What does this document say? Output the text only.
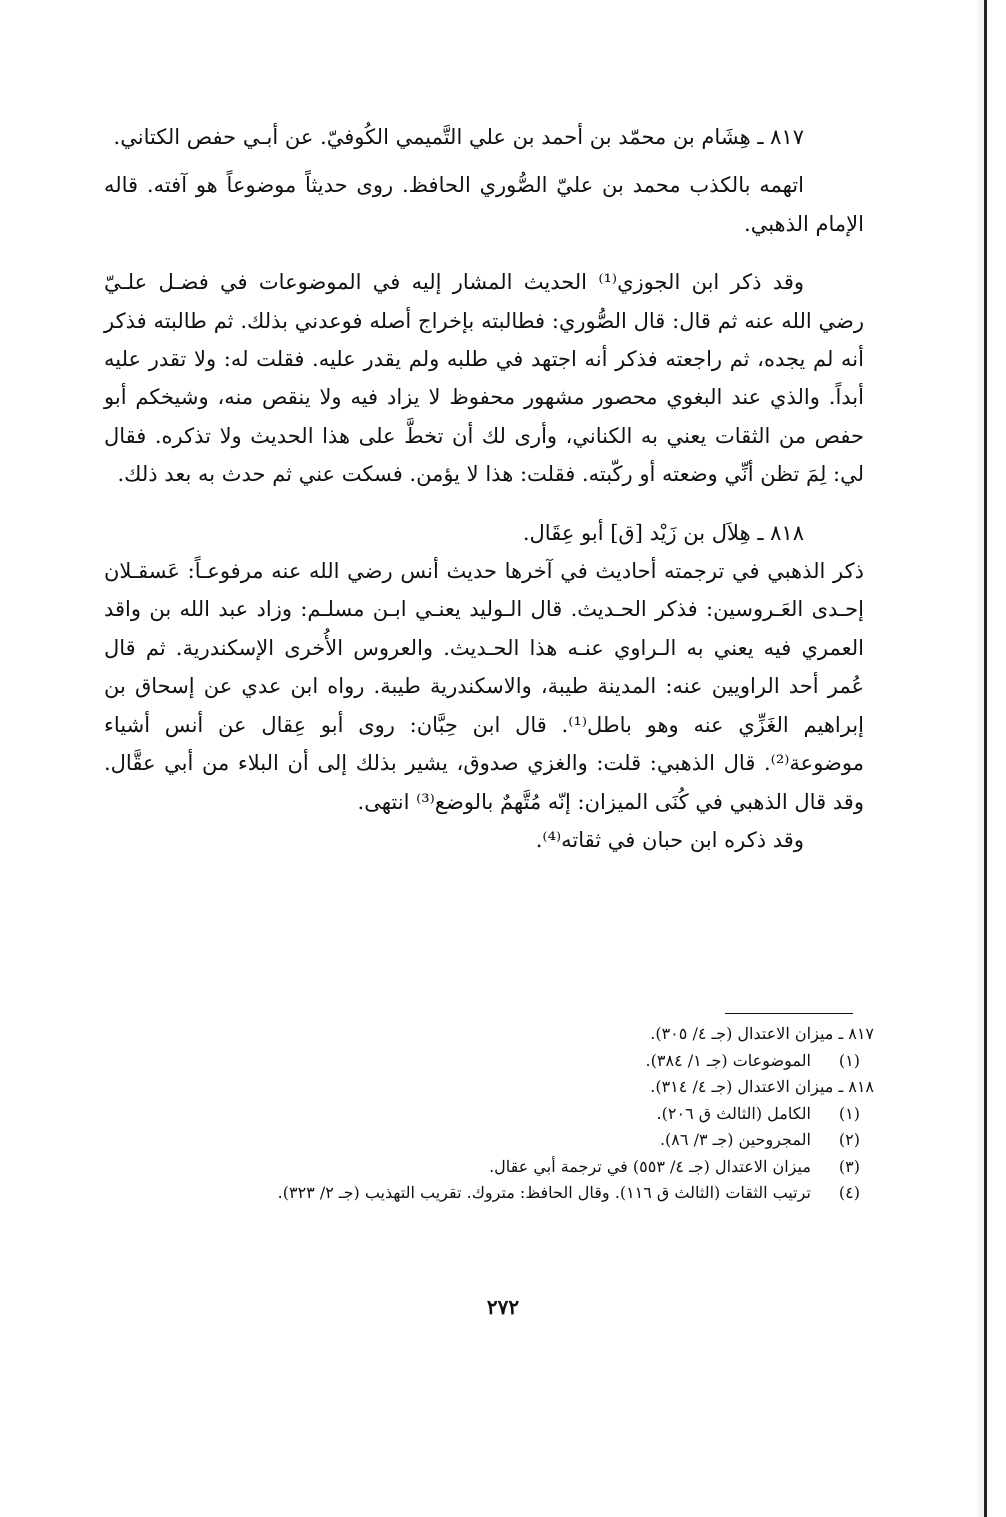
٨١٧ ـ هِشَام بن محمّد بن أحمد بن علي التَّميمي الكُوفيّ. عن أبـي حفص الكتاني.

اتهمه بالكذب محمد بن عليّ الصُّوري الحافظ. روى حديثاً موضوعاً هو آفته. قاله الإمام الذهبي.

وقد ذكر ابن الجوزي⁽¹⁾ الحديث المشار إليه في الموضوعات في فضـل علـيّ رضي الله عنه ثم قال: قال الصُّوري: فطالبته بإخراج أصله فوعدني بذلك. ثم طالبته فذكر أنه لم يجده، ثم راجعته فذكر أنه اجتهد في طلبه ولم يقدر عليه. فقلت له: ولا تقدر عليه أبداً. والذي عند البغوي محصور مشهور محفوظ لا يزاد فيه ولا ينقص منه، وشيخكم أبو حفص من الثقات يعني به الكناني، وأرى لك أن تخطَّ على هذا الحديث ولا تذكره. فقال لي: لِمَ تظن أنِّي وضعته أو ركّبته. فقلت: هذا لا يؤمن. فسكت عني ثم حدث به بعد ذلك.

٨١٨ ـ هِلاَل بن زَيْد [ق] أبو عِقَال.

ذكر الذهبي في ترجمته أحاديث في آخرها حديث أنس رضي الله عنه مرفوعـاً: عَسقـلان إحـدى العَـروسين: فذكر الحـديث. قال الـوليد يعنـي ابـن مسلـم: وزاد عبد الله بن واقد العمري فيه يعني به الـراوي عنـه هذا الحـديث. والعروس الأُخرى الإسكندرية. ثم قال عُمر أحد الراويين عنه: المدينة طيبة، والاسكندرية طيبة. رواه ابن عدي عن إسحاق بن إبراهيم الغَزِّي عنه وهو باطل⁽¹⁾. قال ابن حِبَّان: روى أبو عِقال عن أنس أشياء موضوعة⁽²⁾. قال الذهبي: قلت: والغزي صدوق، يشير بذلك إلى أن البلاء من أبي عقَّال. وقد قال الذهبي في كُنَى الميزان: إنّه مُتَّهمٌ بالوضع⁽³⁾ انتهى.

وقد ذكره ابن حبان في ثقاته⁽⁴⁾.

٨١٧ ـ ميزان الاعتدال (جـ ٤/ ٣٠٥).
(١) الموضوعات (جـ ١/ ٣٨٤).
٨١٨ ـ ميزان الاعتدال (جـ ٤/ ٣١٤).
(١) الكامل (الثالث ق ٢٠٦).
(٢) المجروحين (جـ ٣/ ٨٦).
(٣) ميزان الاعتدال (جـ ٤/ ٥٥٣) في ترجمة أبي عقال.
(٤) ترتيب الثقات (الثالث ق ١١٦). وقال الحافظ: متروك. تقريب التهذيب (جـ ٢/ ٣٢٣).
٢٧٢
